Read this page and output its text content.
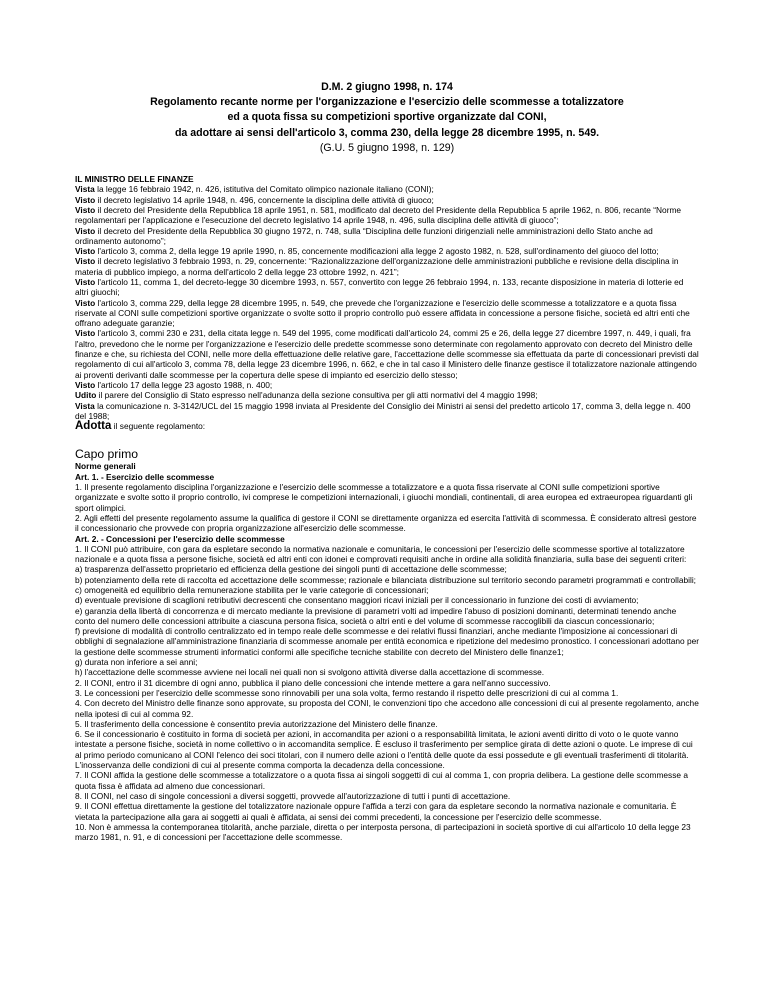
D.M. 2 giugno 1998, n. 174
Regolamento recante norme per l'organizzazione e l'esercizio delle scommesse a totalizzatore
ed a quota fissa su competizioni sportive organizzate dal CONI,
da adottare ai sensi dell'articolo 3, comma 230, della legge 28 dicembre 1995, n. 549.
(G.U. 5 giugno 1998, n. 129)

IL MINISTRO DELLE FINANZE

Vista la legge 16 febbraio 1942, n. 426, istitutiva del Comitato olimpico nazionale italiano (CONI);

Visto il decreto legislativo 14 aprile 1948, n. 496, concernente la disciplina delle attività di giuoco;

Visto il decreto del Presidente della Repubblica 18 aprile 1951, n. 581, modificato dal decreto del Presidente della Repubblica 5 aprile 1962, n. 806, recante “Norme regolamentari per l'applicazione e l'esecuzione del decreto legislativo 14 aprile 1948, n. 496, sulla disciplina delle attività di giuoco”;

Visto il decreto del Presidente della Repubblica 30 giugno 1972, n. 748, sulla “Disciplina delle funzioni dirigenziali nelle amministrazioni dello Stato anche ad ordinamento autonomo”;

Visto l'articolo 3, comma 2, della legge 19 aprile 1990, n. 85, concernente modificazioni alla legge 2 agosto 1982, n. 528, sull'ordinamento del giuoco del lotto;

Visto il decreto legislativo 3 febbraio 1993, n. 29, concernente: “Razionalizzazione dell'organizzazione delle amministrazioni pubbliche e revisione della disciplina in materia di pubblico impiego, a norma dell'articolo 2 della legge 23 ottobre 1992, n. 421”;

Visto l'articolo 11, comma 1, del decreto-legge 30 dicembre 1993, n. 557, convertito con legge 26 febbraio 1994, n. 133, recante disposizione in materia di lotterie ed altri giuochi;

Visto l'articolo 3, comma 229, della legge 28 dicembre 1995, n. 549, che prevede che l'organizzazione e l'esercizio delle scommesse a totalizzatore e a quota fissa riservate al CONI sulle competizioni sportive organizzate o svolte sotto il proprio controllo può essere affidata in concessione a persone fisiche, società ed altri enti che offrano adeguate garanzie;

Visto l'articolo 3, commi 230 e 231, della citata legge n. 549 del 1995, come modificati dall'articolo 24, commi 25 e 26, della legge 27 dicembre 1997, n. 449, i quali, fra l'altro, prevedono che le norme per l'organizzazione e l'esercizio delle predette scommesse sono determinate con regolamento approvato con decreto del Ministro delle finanze e che, su richiesta del CONI, nelle more della effettuazione delle relative gare, l'accettazione delle scommesse sia effettuata da parte di concessionari previsti dal regolamento di cui all'articolo 3, comma 78, della legge 23 dicembre 1996, n. 662, e che in tal caso il Ministero delle finanze gestisce il totalizzatore nazionale attingendo ai proventi derivanti dalle scommesse per la copertura delle spese di impianto ed esercizio dello stesso;

Visto l'articolo 17 della legge 23 agosto 1988, n. 400;

Udito il parere del Consiglio di Stato espresso nell'adunanza della sezione consultiva per gli atti normativi del 4 maggio 1998;

Vista la comunicazione n. 3-3142/UCL del 15 maggio 1998 inviata al Presidente del Consiglio dei Ministri ai sensi del predetto articolo 17, comma 3, della legge n. 400 del 1988;

Adotta il seguente regolamento:

Capo primo
Norme generali

Art. 1. - Esercizio delle scommesse

1. Il presente regolamento disciplina l'organizzazione e l'esercizio delle scommesse a totalizzatore e a quota fissa riservate al CONI sulle competizioni sportive organizzate e svolte sotto il proprio controllo, ivi comprese le competizioni internazionali, i giuochi mondiali, continentali, di area europea ed extraeuropea riguardanti gli sport olimpici.

2. Agli effetti del presente regolamento assume la qualifica di gestore il CONI se direttamente organizza ed esercita l'attività di scommessa. È considerato altresì gestore il concessionario che provvede con propria organizzazione all'esercizio delle scommesse.

Art. 2. - Concessioni per l'esercizio delle scommesse

1. Il CONI può attribuire, con gara da espletare secondo la normativa nazionale e comunitaria, le concessioni per l'esercizio delle scommesse sportive al totalizzatore nazionale e a quota fissa a persone fisiche, società ed altri enti con idonei e comprovati requisiti anche in ordine alla solidità finanziaria, sulla base dei seguenti criteri:

a) trasparenza dell'assetto proprietario ed efficienza della gestione dei singoli punti di accettazione delle scommesse;

b) potenziamento della rete di raccolta ed accettazione delle scommesse; razionale e bilanciata distribuzione sul territorio secondo parametri programmati e controllabili;

c) omogeneità ed equilibrio della remunerazione stabilita per le varie categorie di concessionari;

d) eventuale previsione di scaglioni retributivi decrescenti che consentano maggiori ricavi iniziali per il concessionario in funzione dei costi di avviamento;

e) garanzia della libertà di concorrenza e di mercato mediante la previsione di parametri volti ad impedire l'abuso di posizioni dominanti, determinati tenendo anche conto del numero delle concessioni attribuite a ciascuna persona fisica, società o altri enti e del volume di scommesse raccoglibili da ciascun concessionario;

f) previsione di modalità di controllo centralizzato ed in tempo reale delle scommesse e dei relativi flussi finanziari, anche mediante l'imposizione ai concessionari di obblighi di segnalazione all'amministrazione finanziaria di scommesse anomale per entità economica e ripetizione del medesimo pronostico. I concessionari adottano per la gestione delle scommesse strumenti informatici conformi alle specifiche tecniche stabilite con decreto del Ministero delle finanze1;

g) durata non inferiore a sei anni;

h) l'accettazione delle scommesse avviene nei locali nei quali non si svolgono attività diverse dalla accettazione di scommesse.

2. Il CONI, entro il 31 dicembre di ogni anno, pubblica il piano delle concessioni che intende mettere a gara nell'anno successivo.

3. Le concessioni per l'esercizio delle scommesse sono rinnovabili per una sola volta, fermo restando il rispetto delle prescrizioni di cui al comma 1.

4. Con decreto del Ministro delle finanze sono approvate, su proposta del CONI, le convenzioni tipo che accedono alle concessioni di cui al presente regolamento, anche nella ipotesi di cui al comma 92.

5. Il trasferimento della concessione è consentito previa autorizzazione del Ministero delle finanze.

6. Se il concessionario è costituito in forma di società per azioni, in accomandita per azioni o a responsabilità limitata, le azioni aventi diritto di voto o le quote vanno intestate a persone fisiche, società in nome collettivo o in accomandita semplice. È escluso il trasferimento per semplice girata di dette azioni o quote. Le imprese di cui al primo periodo comunicano al CONI l'elenco dei soci titolari, con il numero delle azioni o l'entità delle quote da essi possedute e gli eventuali trasferimenti di titolarità. L'inosservanza delle condizioni di cui al presente comma comporta la decadenza della concessione.

7. Il CONI affida la gestione delle scommesse a totalizzatore o a quota fissa ai singoli soggetti di cui al comma 1, con propria delibera. La gestione delle scommesse a quota fissa è affidata ad almeno due concessionari.

8. Il CONI, nel caso di singole concessioni a diversi soggetti, provvede all'autorizzazione di tutti i punti di accettazione.

9. Il CONI effettua direttamente la gestione del totalizzatore nazionale oppure l'affida a terzi con gara da espletare secondo la normativa nazionale e comunitaria. È vietata la partecipazione alla gara ai soggetti ai quali è affidata, ai sensi dei commi precedenti, la concessione per l'esercizio delle scommesse.

10. Non è ammessa la contemporanea titolarità, anche parziale, diretta o per interposta persona, di partecipazioni in società sportive di cui all'articolo 10 della legge 23 marzo 1981, n. 91, e di concessioni per l'accettazione delle scommesse.
